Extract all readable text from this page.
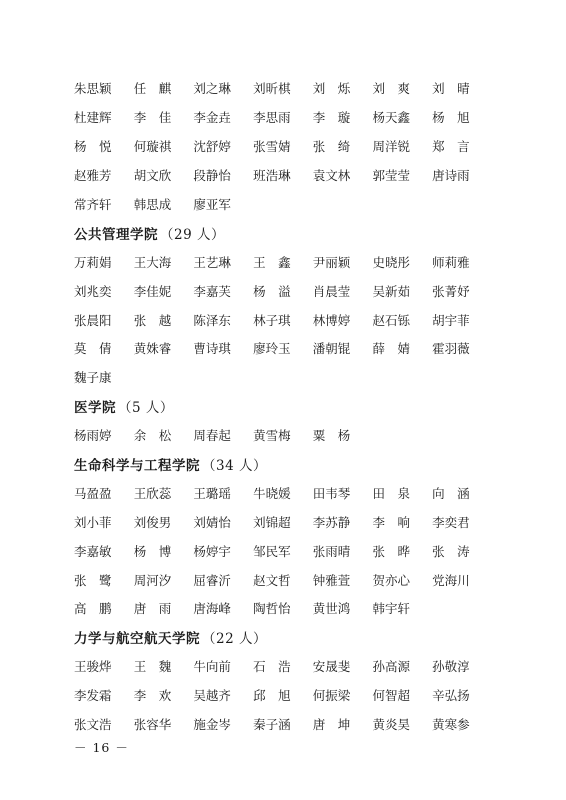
朱思颖	任　麒	刘之琳	刘昕棋	刘　烁	刘　爽	刘　晴
杜建辉	李　佳	李金垚	李思雨	李　璇	杨天鑫	杨　旭
杨　悦	何璇祺	沈舒婷	张雪婧	张　绮	周洋锐	郑　言
赵雅芳	胡文欣	段静怡	班浩琳	袁文林	郭莹莹	唐诗雨
常齐轩	韩思成	廖亚军
公共管理学院 （29 人）
万莉娟	王大海	王艺琳	王　鑫	尹丽颖	史晓彤	师莉雅
刘兆奕	李佳妮	李嘉芙	杨　溢	肖晨莹	吴新茹	张菁妤
张晨阳	张　越	陈泽东	林子琪	林博婷	赵石铄	胡宇菲
莫　倩	黄姝睿	曹诗琪	廖玲玉	潘朝锟	薛　婧	霍羽薇
魏子康
医学院 （5 人）
杨雨婷	余　松	周春起	黄雪梅	粟　杨
生命科学与工程学院 （34 人）
马盈盈	王欣蕊	王璐瑶	牛晓媛	田韦琴	田　泉	向　涵
刘小菲	刘俊男	刘婧怡	刘锦超	李苏静	李　响	李奕君
李嘉敏	杨　博	杨婷宇	邹民军	张雨晴	张　晔	张　涛
张　鹭	周河汐	屈睿沂	赵文哲	钟雅萱	贺亦心	党海川
高　鹏	唐　雨	唐海峰	陶哲怡	黄世鸿	韩宇轩
力学与航空航天学院 （22 人）
王骏烨	王　魏	牛向前	石　浩	安晟斐	孙高源	孙敬淳
李发霜	李　欢	吴越齐	邱　旭	何振梁	何智超	辛弘扬
张文浩	张容华	施金岑	秦子涵	唐　坤	黄炎昊	黄寒参
－ 16 －
